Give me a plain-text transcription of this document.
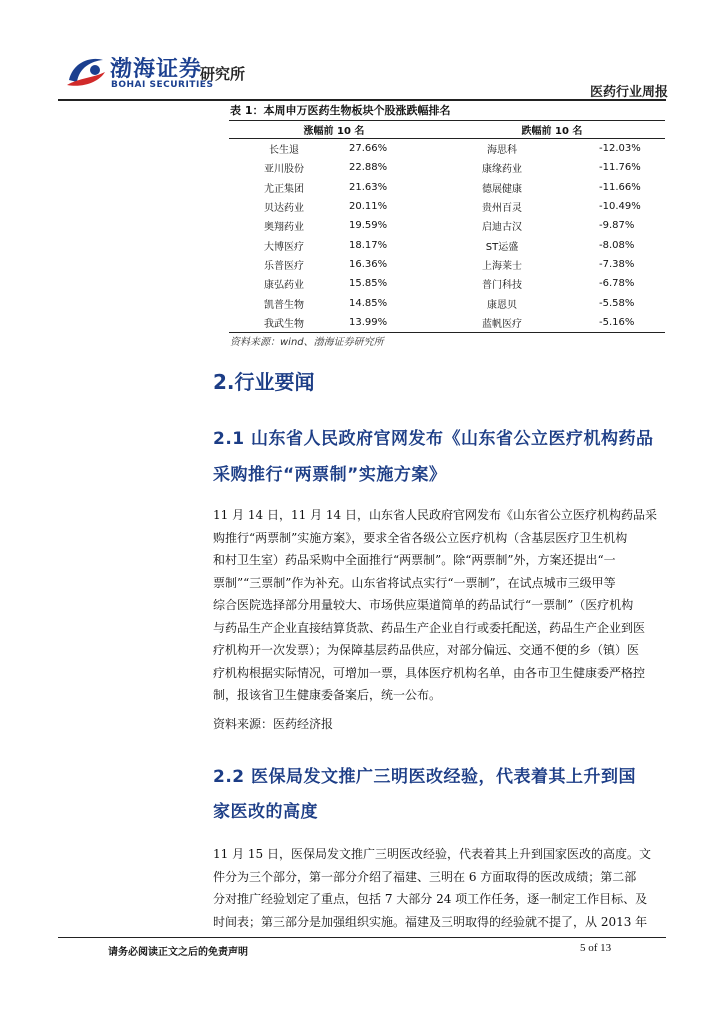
渤海证券
BOHAI SECURITIES
研究所
医药行业周报
表 1：本周申万医药生物板块个股涨跌幅排名
涨幅前 10 名		跌幅前 10 名	
长生退	27.66%	海思科	-12.03%
亚川股份	22.88%	康缘药业	-11.76%
尤正集团	21.63%	德展健康	-11.66%
贝达药业	20.11%	贵州百灵	-10.49%
奥翔药业	19.59%	启迪古汉	-9.87%
大博医疗	18.17%	ST运盛	-8.08%
乐普医疗	16.36%	上海莱士	-7.38%
康弘药业	15.85%	普门科技	-6.78%
凯普生物	14.85%	康恩贝	-5.58%
我武生物	13.99%	蓝帆医疗	-5.16%
资料来源：wind、渤海证券研究所
2.行业要闻
2.1 山东省人民政府官网发布《山东省公立医疗机构药品
采购推行“两票制”实施方案》
11 月 14 日，11 月 14 日，山东省人民政府官网发布《山东省公立医疗机构药品采
购推行“两票制”实施方案》，要求全省各级公立医疗机构（含基层医疗卫生机构
和村卫生室）药品采购中全面推行“两票制”。除“两票制”外，方案还提出“一
票制”“三票制”作为补充。山东省将试点实行“一票制”，在试点城市三级甲等
综合医院选择部分用量较大、市场供应渠道简单的药品试行“一票制”（医疗机构
与药品生产企业直接结算货款、药品生产企业自行或委托配送，药品生产企业到医
疗机构开一次发票）；为保障基层药品供应，对部分偏远、交通不便的乡（镇）医
疗机构根据实际情况，可增加一票，具体医疗机构名单，由各市卫生健康委严格控
制，报该省卫生健康委备案后，统一公布。
资料来源：医药经济报
2.2 医保局发文推广三明医改经验，代表着其上升到国
家医改的高度
11 月 15 日，医保局发文推广三明医改经验，代表着其上升到国家医改的高度。文
件分为三个部分，第一部分介绍了福建、三明在 6 方面取得的医改成绩；第二部
分对推广经验划定了重点，包括 7 大部分 24 项工作任务，逐一制定工作目标、及
时间表；第三部分是加强组织实施。福建及三明取得的经验就不提了，从 2013 年
请务必阅读正文之后的免责声明	5 of 13
